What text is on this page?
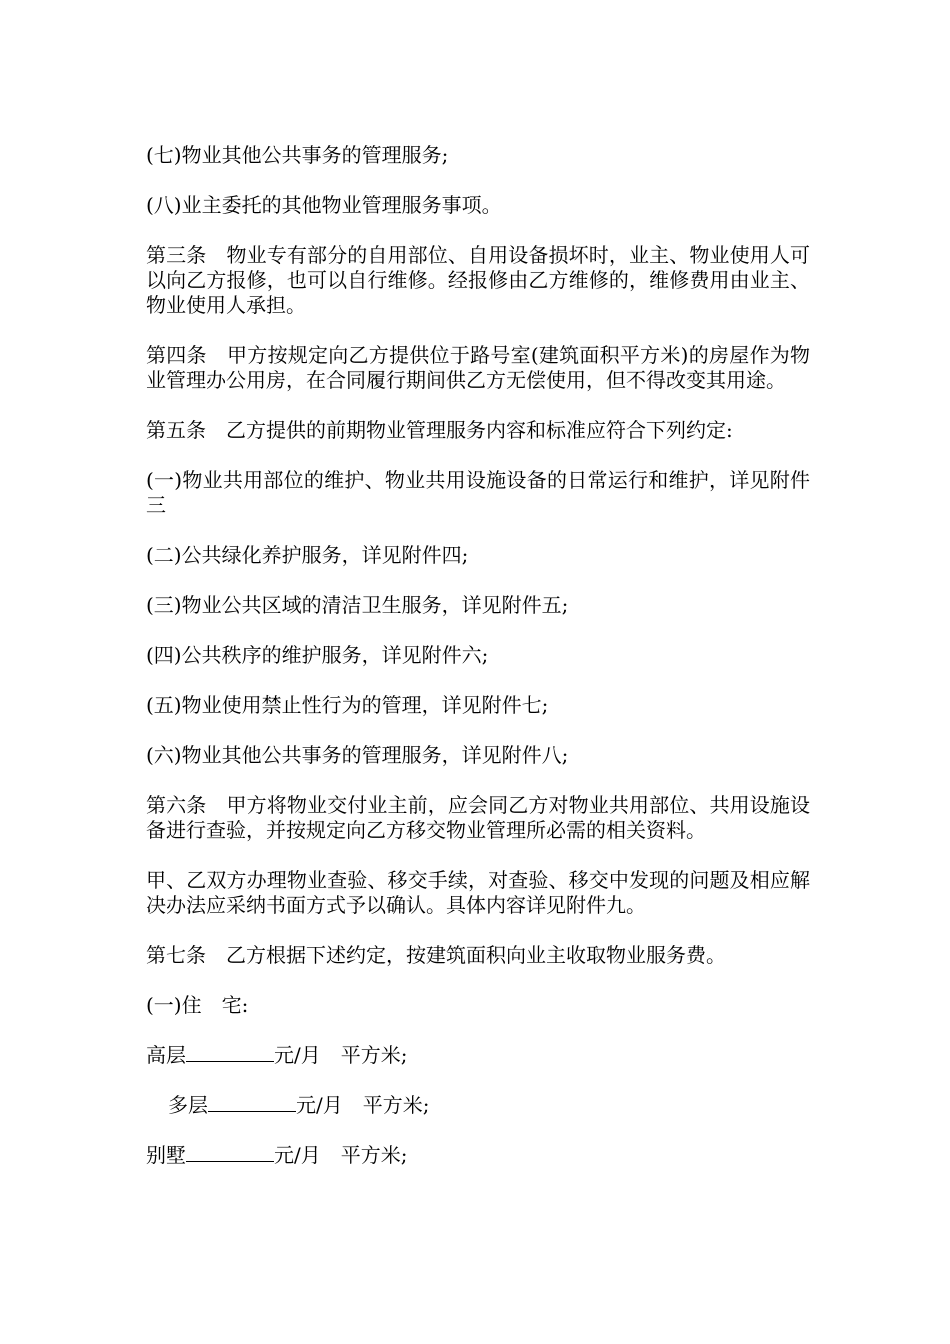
(七)物业其他公共事务的管理服务;

(八)业主委托的其他物业管理服务事项。

第三条　物业专有部分的自用部位、自用设备损坏时，业主、物业使用人可以向乙方报修，也可以自行维修。经报修由乙方维修的，维修费用由业主、物业使用人承担。

第四条　甲方按规定向乙方提供位于路号室(建筑面积平方米)的房屋作为物业管理办公用房，在合同履行期间供乙方无偿使用，但不得改变其用途。

第五条　乙方提供的前期物业管理服务内容和标准应符合下列约定:

(一)物业共用部位的维护、物业共用设施设备的日常运行和维护，详见附件三

(二)公共绿化养护服务，详见附件四;

(三)物业公共区域的清洁卫生服务，详见附件五;

(四)公共秩序的维护服务，详见附件六;

(五)物业使用禁止性行为的管理，详见附件七;

(六)物业其他公共事务的管理服务，详见附件八;

第六条　甲方将物业交付业主前，应会同乙方对物业共用部位、共用设施设备进行查验，并按规定向乙方移交物业管理所必需的相关资料。

甲、乙双方办理物业查验、移交手续，对查验、移交中发现的问题及相应解决办法应采纳书面方式予以确认。具体内容详见附件九。

第七条　乙方根据下述约定，按建筑面积向业主收取物业服务费。

(一)住　宅:

高层	元/月　平方米;

多层	元/月　平方米;

别墅	元/月　平方米;
